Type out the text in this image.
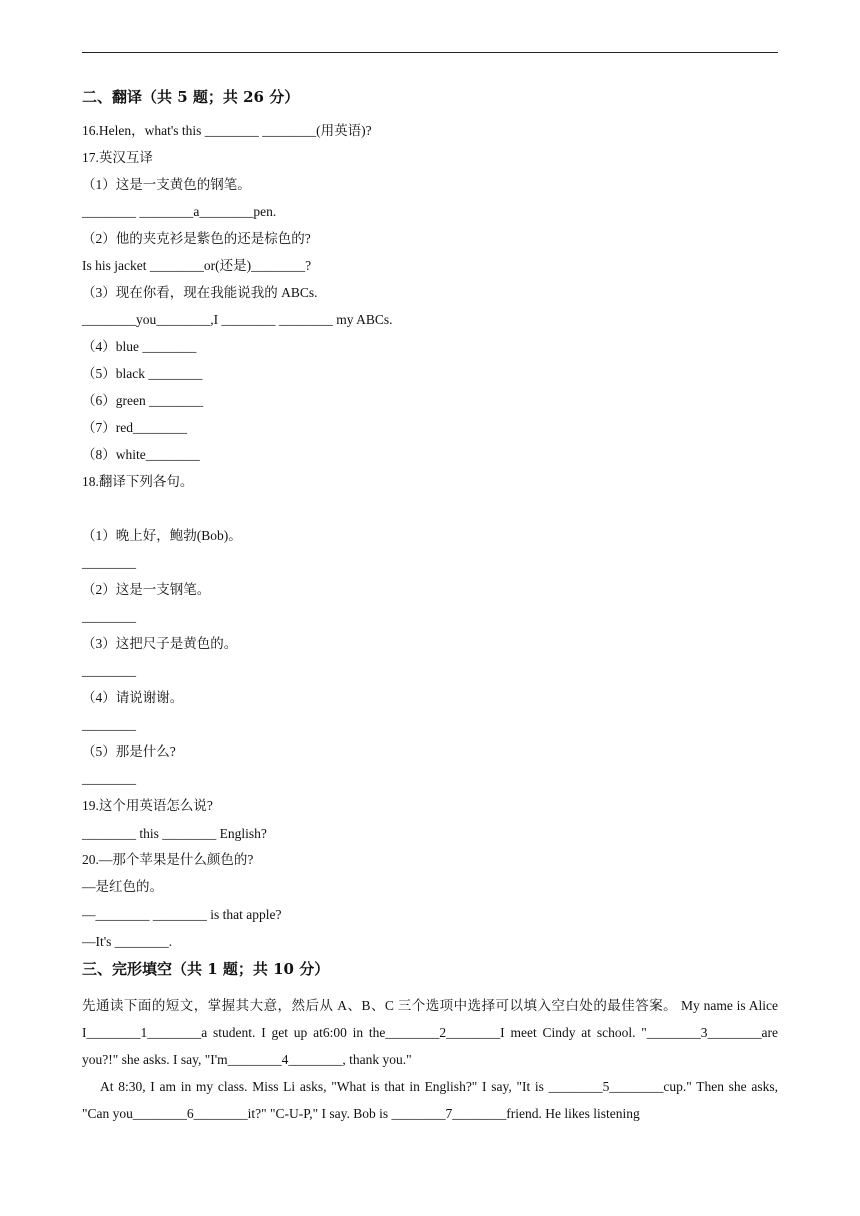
二、翻译（共 5 题；共 26 分）
16.Helen，what's this ________ ________(用英语)?
17.英汉互译
（1）这是一支黄色的钢笔。
________ ________a________pen.
（2）他的夹克衫是紫色的还是棕色的?
Is his jacket ________or(还是)________?
（3）现在你看，现在我能说我的 ABCs.
________you________,I ________ ________ my ABCs.
（4）blue ________
（5）black ________
（6）green ________
（7）red________
（8）white________
18.翻译下列各句。
（1）晚上好，鲍勃(Bob)。
________
（2）这是一支钢笔。
________
（3）这把尺子是黄色的。
________
（4）请说谢谢。
________
（5）那是什么?
________
19.这个用英语怎么说?
________ this ________ English?
20.—那个苹果是什么颜色的?
—是红色的。
—________ ________ is that apple?
—It's ________.
三、完形填空（共 1 题；共 10 分）
先通读下面的短文，掌握其大意，然后从 A、B、C 三个选项中选择可以填入空白处的最佳答案。 My name is Alice I________1________a student. I get up at6:00 in the________2________I meet Cindy at school. "________3________are you?!" she asks. I say, "I'm________4________, thank you."
At 8:30, I am in my class. Miss Li asks, "What is that in English?" I say, "It is ________5________cup." Then she asks, "Can you________6________it?" "C-U-P," I say. Bob is ________7________friend. He likes listening
